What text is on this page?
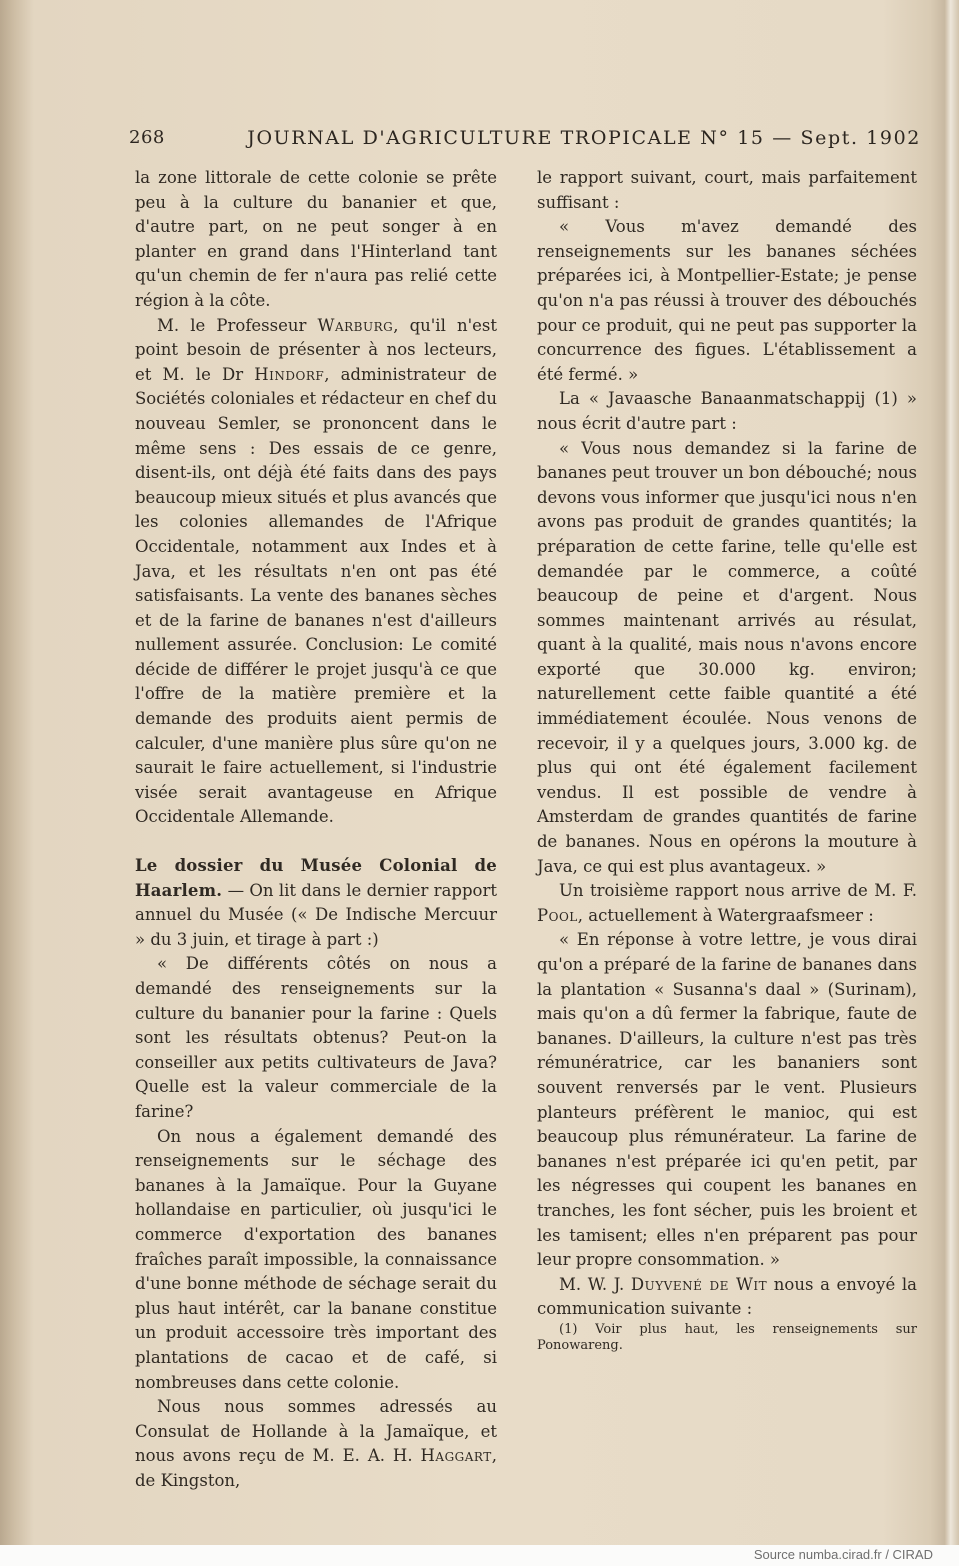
268	JOURNAL D'AGRICULTURE TROPICALE N° 15 — Sept. 1902

la zone littorale de cette colonie se prête peu à la culture du bananier et que, d'autre part, on ne peut songer à en planter en grand dans l'Hinterland tant qu'un chemin de fer n'aura pas relié cette région à la côte.

M. le Professeur Warburg, qu'il n'est point besoin de présenter à nos lecteurs, et M. le Dr Hindorf, administrateur de Sociétés coloniales et rédacteur en chef du nouveau Semler, se prononcent dans le même sens : Des essais de ce genre, disent-ils, ont déjà été faits dans des pays beaucoup mieux situés et plus avancés que les colonies allemandes de l'Afrique Occidentale, notamment aux Indes et à Java, et les résultats n'en ont pas été satisfaisants. La vente des bananes sèches et de la farine de bananes n'est d'ailleurs nullement assurée. Conclusion: Le comité décide de différer le projet jusqu'à ce que l'offre de la matière première et la demande des produits aient permis de calculer, d'une manière plus sûre qu'on ne saurait le faire actuellement, si l'industrie visée serait avantageuse en Afrique Occidentale Allemande.

Le dossier du Musée Colonial de Haarlem. — On lit dans le dernier rapport annuel du Musée (« De Indische Mercuur » du 3 juin, et tirage à part :)

« De différents côtés on nous a demandé des renseignements sur la culture du bananier pour la farine : Quels sont les résultats obtenus? Peut-on la conseiller aux petits cultivateurs de Java? Quelle est la valeur commerciale de la farine?

On nous a également demandé des renseignements sur le séchage des bananes à la Jamaïque. Pour la Guyane hollandaise en particulier, où jusqu'ici le commerce d'exportation des bananes fraîches paraît impossible, la connaissance d'une bonne méthode de séchage serait du plus haut intérêt, car la banane constitue un produit accessoire très important des plantations de cacao et de café, si nombreuses dans cette colonie.

Nous nous sommes adressés au Consulat de Hollande à la Jamaïque, et nous avons reçu de M. E. A. H. Haggart, de Kingston,

le rapport suivant, court, mais parfaitement suffisant :

« Vous m'avez demandé des renseignements sur les bananes séchées préparées ici, à Montpellier-Estate; je pense qu'on n'a pas réussi à trouver des débouchés pour ce produit, qui ne peut pas supporter la concurrence des figues. L'établissement a été fermé. »

La « Javaasche Banaanmatschappij (1) » nous écrit d'autre part :

« Vous nous demandez si la farine de bananes peut trouver un bon débouché; nous devons vous informer que jusqu'ici nous n'en avons pas produit de grandes quantités; la préparation de cette farine, telle qu'elle est demandée par le commerce, a coûté beaucoup de peine et d'argent. Nous sommes maintenant arrivés au résulat, quant à la qualité, mais nous n'avons encore exporté que 30.000 kg. environ; naturellement cette faible quantité a été immédiatement écoulée. Nous venons de recevoir, il y a quelques jours, 3.000 kg. de plus qui ont été également facilement vendus. Il est possible de vendre à Amsterdam de grandes quantités de farine de bananes. Nous en opérons la mouture à Java, ce qui est plus avantageux. »

Un troisième rapport nous arrive de M. F. Pool, actuellement à Watergraafsmeer :

« En réponse à votre lettre, je vous dirai qu'on a préparé de la farine de bananes dans la plantation « Susanna's daal » (Surinam), mais qu'on a dû fermer la fabrique, faute de bananes. D'ailleurs, la culture n'est pas très rémunératrice, car les bananiers sont souvent renversés par le vent. Plusieurs planteurs préfèrent le manioc, qui est beaucoup plus rémunérateur. La farine de bananes n'est préparée ici qu'en petit, par les négresses qui coupent les bananes en tranches, les font sécher, puis les broient et les tamisent; elles n'en préparent pas pour leur propre consommation. »

M. W. J. Duyvené de Wit nous a envoyé la communication suivante :

(1) Voir plus haut, les renseignements sur Ponowareng.

Source numba.cirad.fr / CIRAD
